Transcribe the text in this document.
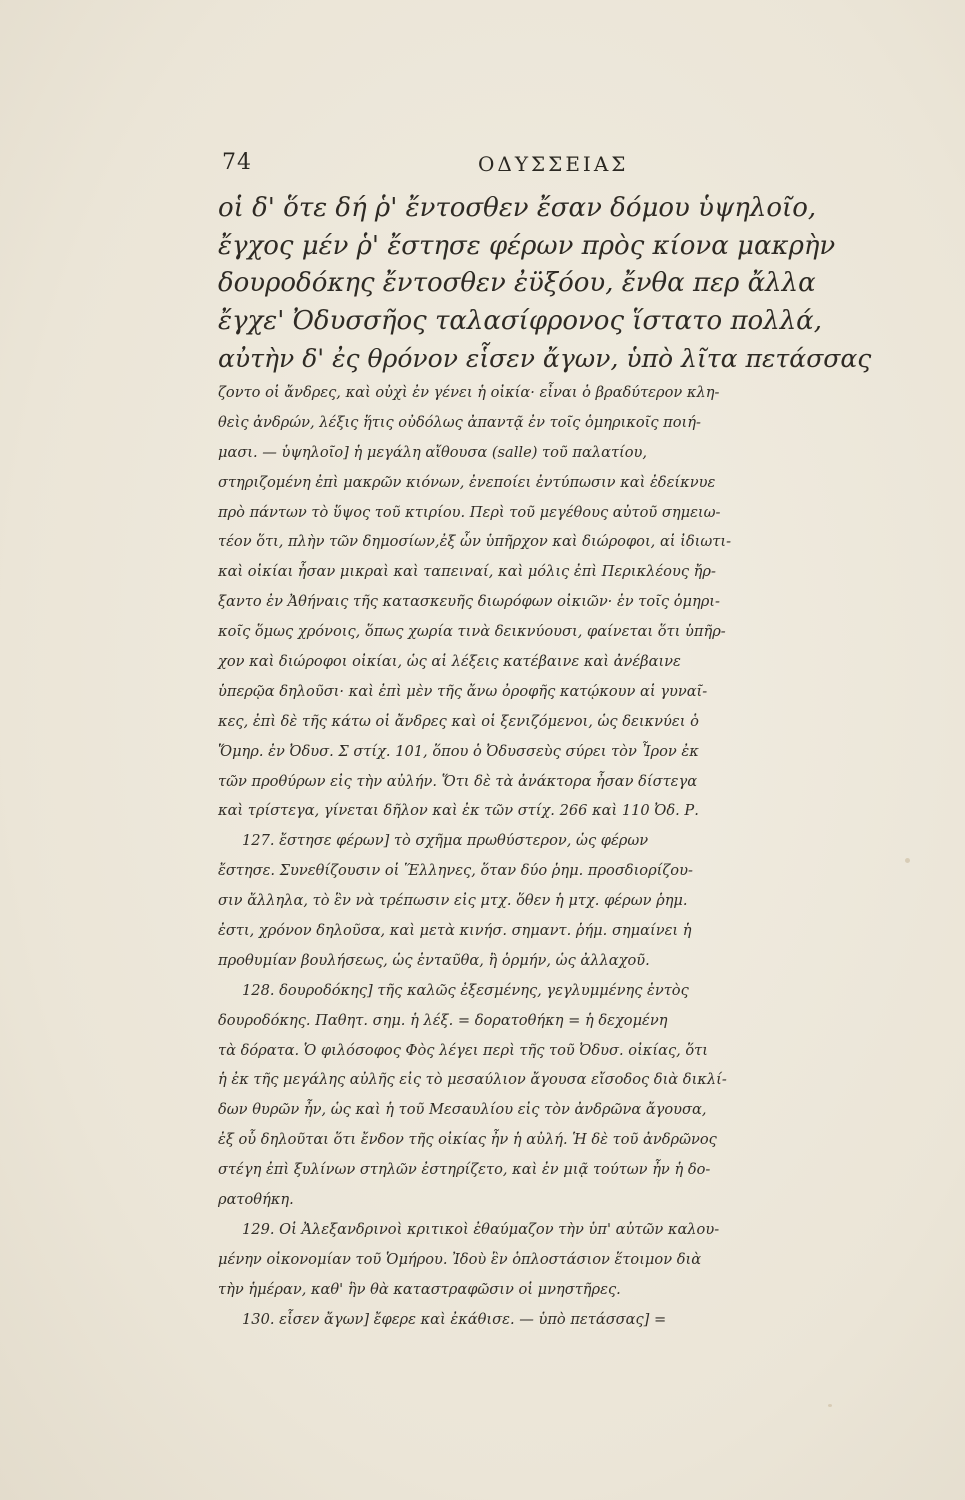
74	ΟΔΥΣΣΕΙΑΣ
οἱ δ' ὅτε δή ῥ' ἔντοσθεν ἔσαν δόμου ὑψηλοῖο,
ἔγχος μέν ῥ' ἔστησε φέρων πρὸς κίονα μακρὴν
δουροδόκης ἔντοσθεν ἐϋξόου, ἔνθα περ ἄλλα
ἔγχε' Ὀδυσσῆος ταλασίφρονος ἵστατο πολλά,
αὐτὴν δ' ἐς θρόνον εἷσεν ἄγων, ὑπὸ λῖτα πετάσσας
ζοντο οἱ ἄνδρες, καὶ οὐχὶ ἐν γένει ἡ οἰκία· εἶναι ὁ βραδύτερον κλη-
θεὶς ἀνδρών, λέξις ἥτις οὐδόλως ἀπαντᾷ ἐν τοῖς ὁμηρικοῖς ποιή-
μασι. — ὑψηλοῖο] ἡ μεγάλη αἴθουσα (salle) τοῦ παλατίου,
στηριζομένη ἐπὶ μακρῶν κιόνων, ἐνεποίει ἐντύπωσιν καὶ ἐδείκνυε
πρὸ πάντων τὸ ὕψος τοῦ κτιρίου. Περὶ τοῦ μεγέθους αὐτοῦ σημειω-
τέον ὅτι, πλὴν τῶν δημοσίων,ἐξ ὧν ὑπῆρχον καὶ διώροφοι, αἱ ἰδιωτι-
καὶ οἰκίαι ἦσαν μικραὶ καὶ ταπειναί, καὶ μόλις ἐπὶ Περικλέους ἤρ-
ξαντο ἐν Ἀθήναις τῆς κατασκευῆς διωρόφων οἰκιῶν· ἐν τοῖς ὁμηρι-
κοῖς ὅμως χρόνοις, ὅπως χωρία τινὰ δεικνύουσι, φαίνεται ὅτι ὑπῆρ-
χον καὶ διώροφοι οἰκίαι, ὡς αἱ λέξεις κατέβαινε καὶ ἀνέβαινε
ὑπερῷα δηλοῦσι· καὶ ἐπὶ μὲν τῆς ἄνω ὀροφῆς κατῴκουν αἱ γυναῖ-
κες, ἐπὶ δὲ τῆς κάτω οἱ ἄνδρες καὶ οἱ ξενιζόμενοι, ὡς δεικνύει ὁ
Ὅμηρ. ἐν Ὀδυσ. Σ στίχ. 101, ὅπου ὁ Ὀδυσσεὺς σύρει τὸν Ἶρον ἐκ
τῶν προθύρων εἰς τὴν αὐλήν. Ὅτι δὲ τὰ ἀνάκτορα ἦσαν δίστεγα
καὶ τρίστεγα, γίνεται δῆλον καὶ ἐκ τῶν στίχ. 266 καὶ 110 Ὀδ. Ρ.
127. ἔστησε φέρων] τὸ σχῆμα πρωθύστερον, ὡς φέρων
ἔστησε. Συνεθίζουσιν οἱ Ἕλληνες, ὅταν δύο ῥημ. προσδιορίζου-
σιν ἄλληλα, τὸ ἓν νὰ τρέπωσιν εἰς μτχ. ὅθεν ἡ μτχ. φέρων ῥημ.
ἐστι, χρόνον δηλοῦσα, καὶ μετὰ κινήσ. σημαντ. ῥήμ. σημαίνει ἡ
προθυμίαν βουλήσεως, ὡς ἐνταῦθα, ἢ ὁρμήν, ὡς ἀλλαχοῦ.
128. δουροδόκης] τῆς καλῶς ἐξεσμένης, γεγλυμμένης ἐντὸς
δουροδόκης. Παθητ. σημ. ἡ λέξ. = δορατοθήκη = ἡ δεχομένη
τὰ δόρατα. Ὁ φιλόσοφος Φὸς λέγει περὶ τῆς τοῦ Ὀδυσ. οἰκίας, ὅτι
ἡ ἐκ τῆς μεγάλης αὐλῆς εἰς τὸ μεσαύλιον ἄγουσα εἴσοδος διὰ δικλί-
δων θυρῶν ἦν, ὡς καὶ ἡ τοῦ Μεσαυλίου εἰς τὸν ἀνδρῶνα ἄγουσα,
ἐξ οὗ δηλοῦται ὅτι ἔνδον τῆς οἰκίας ἦν ἡ αὐλή. Ἡ δὲ τοῦ ἀνδρῶνος
στέγη ἐπὶ ξυλίνων στηλῶν ἐστηρίζετο, καὶ ἐν μιᾷ τούτων ἦν ἡ δο-
ρατοθήκη.
129. Οἱ Ἀλεξανδρινοὶ κριτικοὶ ἐθαύμαζον τὴν ὑπ' αὐτῶν καλου-
μένην οἰκονομίαν τοῦ Ὁμήρου. Ἰδοὺ ἓν ὁπλοστάσιον ἕτοιμον διὰ
τὴν ἡμέραν, καθ' ἣν θὰ καταστραφῶσιν οἱ μνηστῆρες.
130. εἷσεν ἄγων] ἔφερε καὶ ἐκάθισε. — ὑπὸ πετάσσας] =
